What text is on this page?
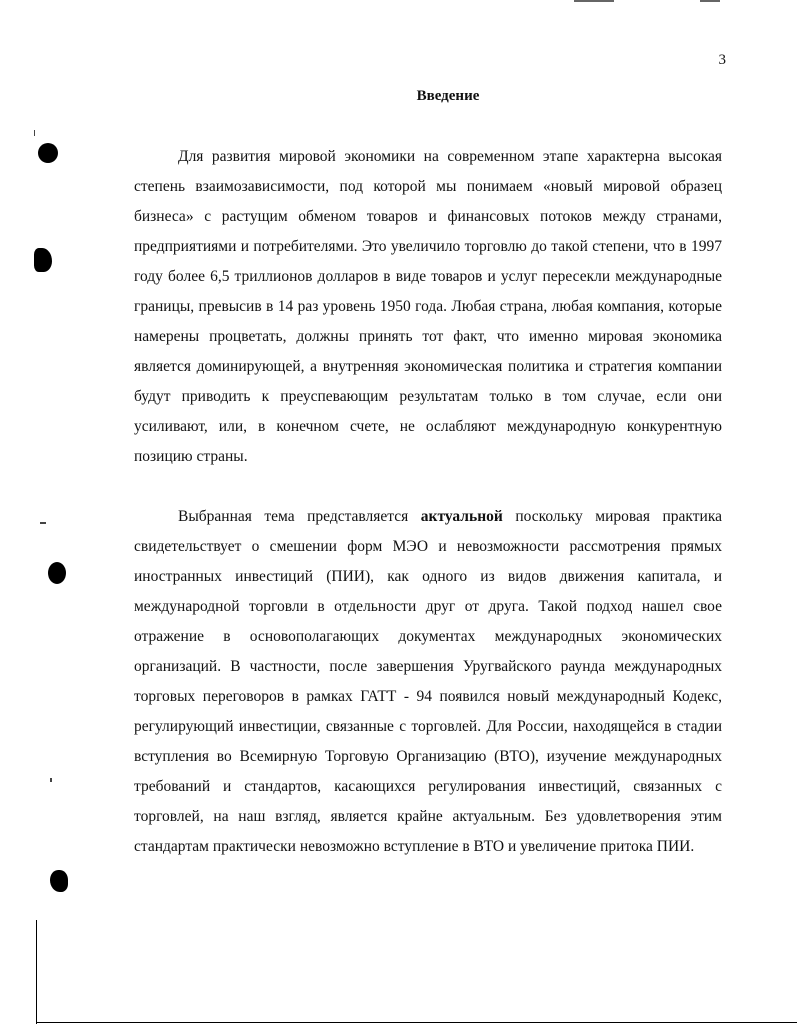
3
Введение

Для развития мировой экономики на современном этапе характерна высокая степень взаимозависимости, под которой мы понимаем «новый мировой образец бизнеса» с растущим обменом товаров и финансовых потоков между странами, предприятиями и потребителями. Это увеличило торговлю до такой степени, что в 1997 году более 6,5 триллионов долларов в виде товаров и услуг пересекли международные границы, превысив в 14 раз уровень 1950 года. Любая страна, любая компания, которые намерены процветать, должны принять тот факт, что именно мировая экономика является доминирующей, а внутренняя экономическая политика и стратегия компании будут приводить к преуспевающим результатам только в том случае, если они усиливают, или, в конечном счете, не ослабляют международную конкурентную позицию страны.

Выбранная тема представляется актуальной поскольку мировая практика свидетельствует о смешении форм МЭО и невозможности рассмотрения прямых иностранных инвестиций (ПИИ), как одного из видов движения капитала, и международной торговли в отдельности друг от друга. Такой подход нашел свое отражение в основополагающих документах международных экономических организаций. В частности, после завершения Уругвайского раунда международных торговых переговоров в рамках ГАТТ - 94 появился новый международный Кодекс, регулирующий инвестиции, связанные с торговлей. Для России, находящейся в стадии вступления во Всемирную Торговую Организацию (ВТО), изучение международных требований и стандартов, касающихся регулирования инвестиций, связанных с торговлей, на наш взгляд, является крайне актуальным. Без удовлетворения этим стандартам практически невозможно вступление в ВТО и увеличение притока ПИИ.
